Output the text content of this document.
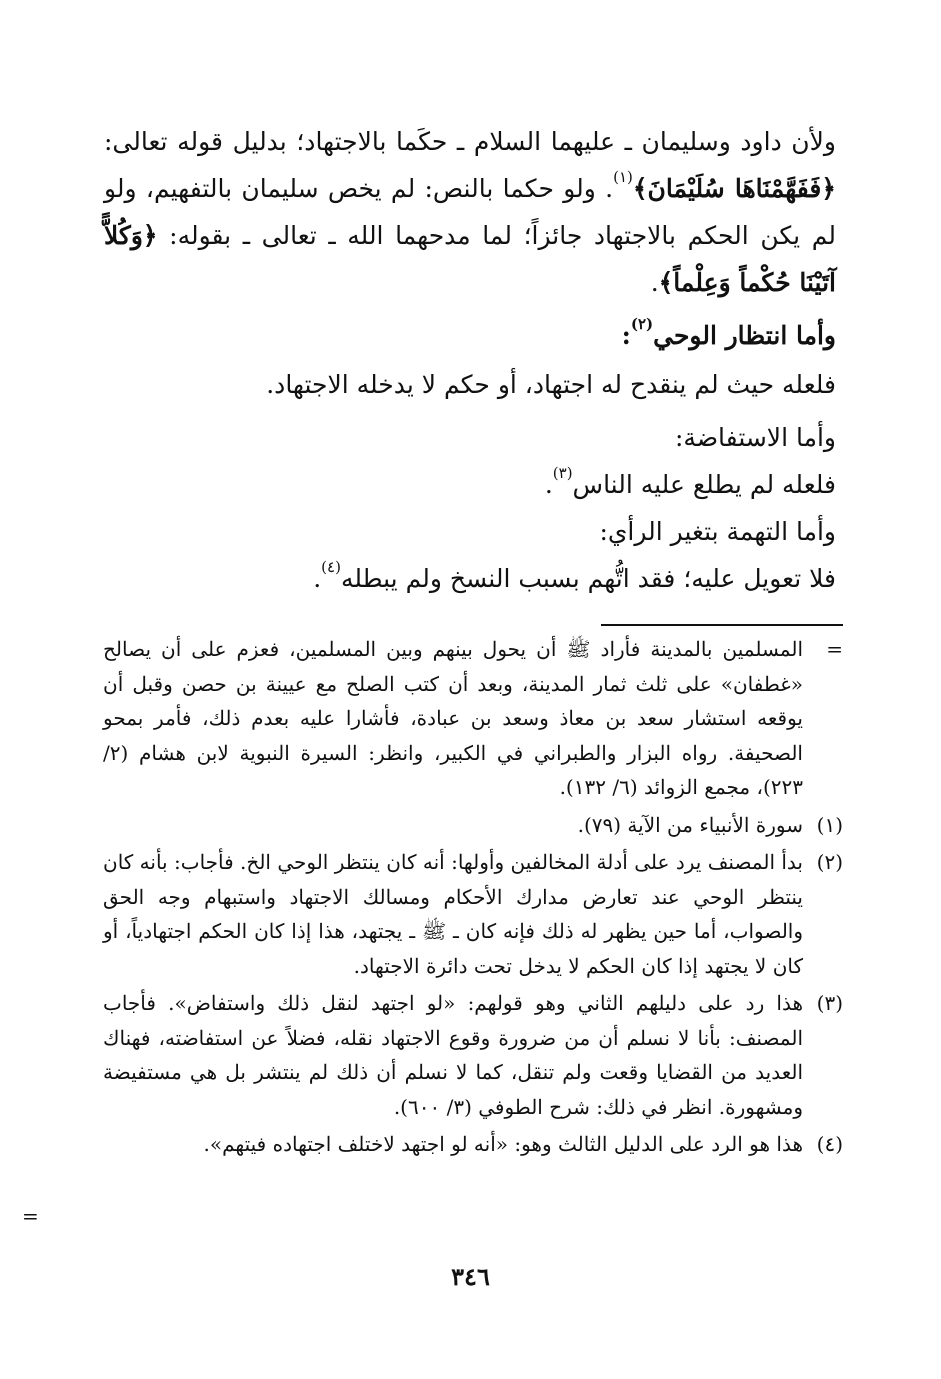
ولأن داود وسليمان ـ عليهما السلام ـ حكَما بالاجتهاد؛ بدليل قوله تعالى: ﴿فَفَهَّمْنَاهَا سُلَيْمَانَ﴾$^{(١)}$. ولو حكما بالنص: لم يخص سليمان بالتفهيم، ولو لم يكن الحكم بالاجتهاد جائزاً؛ لما مدحهما الله ـ تعالى ـ بقوله: ﴿وَكُلاًّ آتَيْنَا حُكْماً وَعِلْماً﴾.

وأما انتظار الوحي$^{(٢)}$:

فلعله حيث لم ينقدح له اجتهاد، أو حكم لا يدخله الاجتهاد.

وأما الاستفاضة:

فلعله لم يطلع عليه الناس$^{(٣)}$.

وأما التهمة بتغير الرأي:

فلا تعويل عليه؛ فقد اتُّهم بسبب النسخ ولم يبطله$^{(٤)}$.

=
المسلمين بالمدينة فأراد ﷺ أن يحول بينهم وبين المسلمين، فعزم على أن يصالح «غطفان» على ثلث ثمار المدينة، وبعد أن كتب الصلح مع عيينة بن حصن وقبل أن يوقعه استشار سعد بن معاذ وسعد بن عبادة، فأشارا عليه بعدم ذلك، فأمر بمحو الصحيفة. رواه البزار والطبراني في الكبير، وانظر: السيرة النبوية لابن هشام (٢/ ٢٢٣)، مجمع الزوائد (٦/ ١٣٢).
(١)
سورة الأنبياء من الآية (٧٩).
(٢)
بدأ المصنف يرد على أدلة المخالفين وأولها: أنه كان ينتظر الوحي الخ. فأجاب: بأنه كان ينتظر الوحي عند تعارض مدارك الأحكام ومسالك الاجتهاد واستبهام وجه الحق والصواب، أما حين يظهر له ذلك فإنه كان ـ ﷺ ـ يجتهد، هذا إذا كان الحكم اجتهادياً، أو كان لا يجتهد إذا كان الحكم لا يدخل تحت دائرة الاجتهاد.
(٣)
هذا رد على دليلهم الثاني وهو قولهم: «لو اجتهد لنقل ذلك واستفاض». فأجاب المصنف: بأنا لا نسلم أن من ضرورة وقوع الاجتهاد نقله، فضلاً عن استفاضته، فهناك العديد من القضايا وقعت ولم تنقل، كما لا نسلم أن ذلك لم ينتشر بل هي مستفيضة ومشهورة. انظر في ذلك: شرح الطوفي (٣/ ٦٠٠).
(٤)
هذا هو الرد على الدليل الثالث وهو: «أنه لو اجتهد لاختلف اجتهاده فيتهم».
=
٣٤٦
